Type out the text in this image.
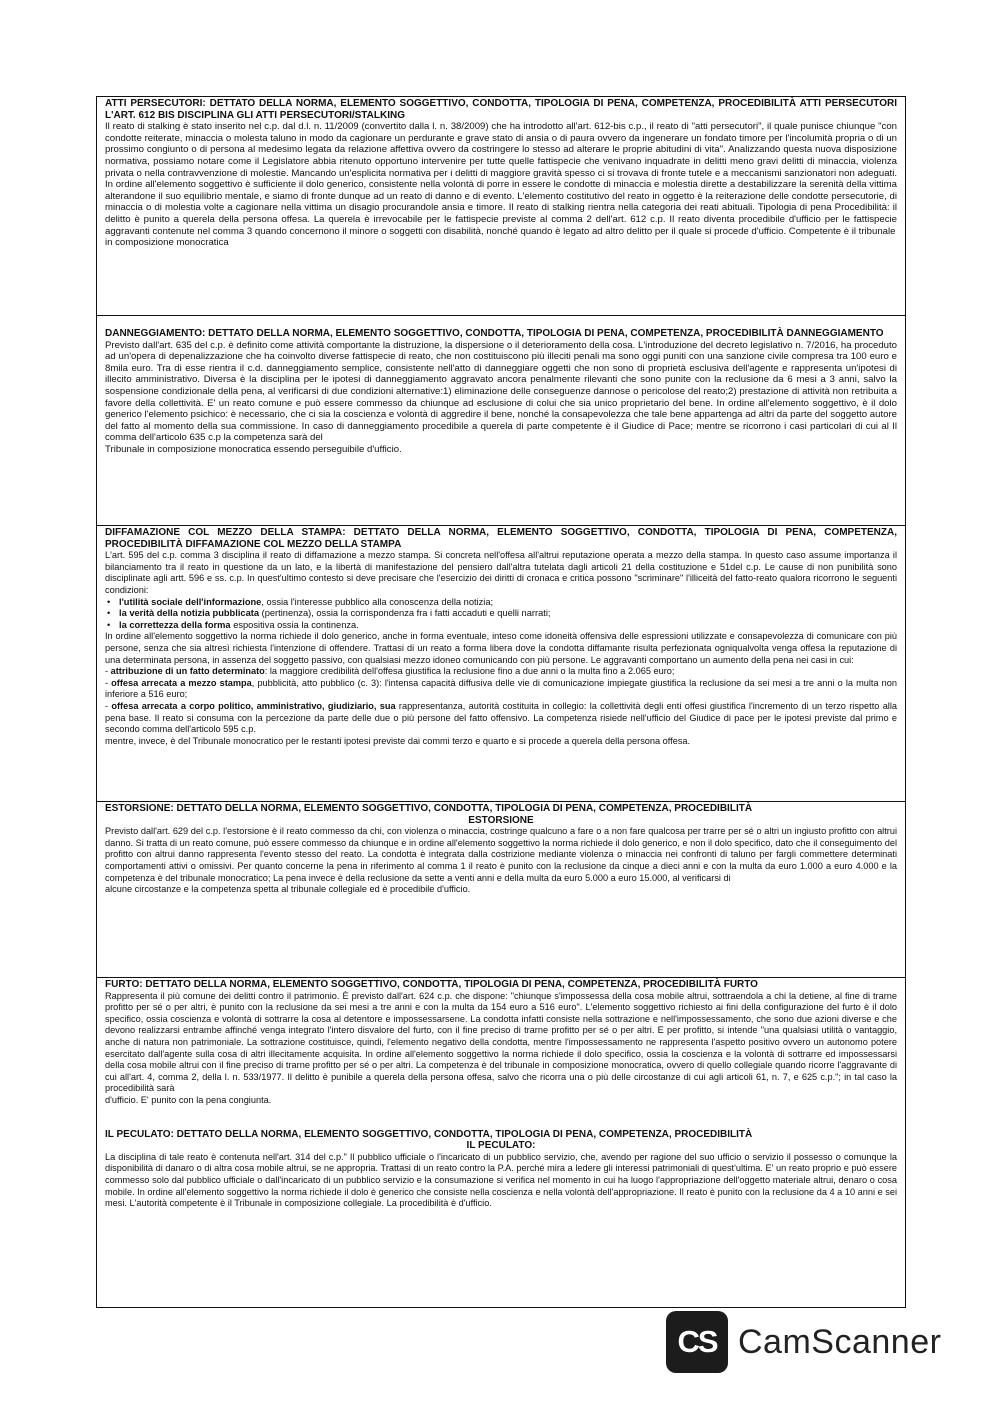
ATTI PERSECUTORI: DETTATO DELLA NORMA, ELEMENTO SOGGETTIVO, CONDOTTA, TIPOLOGIA DI PENA, COMPETENZA, PROCEDIBILITÀ ATTI PERSECUTORI L'ART. 612 BIS DISCIPLINA GLI ATTI PERSECUTORI/STALKING

Il reato di stalking è stato inserito nel c.p. dal d.l. n. 11/2009 (convertito dalla l. n. 38/2009) che ha introdotto all'art. 612-bis c.p., il reato di "atti persecutori", il quale punisce chiunque "con condotte reiterate, minaccia o molesta taluno in modo da cagionare un perdurante e grave stato di ansia o di paura ovvero da ingenerare un fondato timore per l'incolumità propria o di un prossimo congiunto o di persona al medesimo legata da relazione affettiva ovvero da costringere lo stesso ad alterare le proprie abitudini di vita". Analizzando questa nuova disposizione normativa, possiamo notare come il Legislatore abbia ritenuto opportuno intervenire per tutte quelle fattispecie che venivano inquadrate in delitti meno gravi delitti di minaccia, violenza privata o nella contravvenzione di molestie. Mancando un'esplicita normativa per i delitti di maggiore gravità spesso ci si trovava di fronte tutele e a meccanismi sanzionatori non adeguati. In ordine all'elemento soggettivo è sufficiente il dolo generico, consistente nella volontà di porre in essere le condotte di minaccia e molestia dirette a destabilizzare la serenità della vittima alterandone il suo equilibrio mentale, e siamo di fronte dunque ad un reato di danno e di evento. L'elemento costitutivo del reato in oggetto è la reiterazione delle condotte persecutorie, di minaccia o di molestia volte a cagionare nella vittima un disagio procurandole ansia e timore. Il reato di stalking rientra nella categoria dei reati abituali. Tipologia di pena Procedibilità: il delitto è punito a querela della persona offesa. La querela è irrevocabile per le fattispecie previste al comma 2 dell'art. 612 c.p. Il reato diventa procedibile d'ufficio per le fattispecie aggravanti contenute nel comma 3 quando concernono il minore o soggetti con disabilità, nonché quando è legato ad altro delitto per il quale si procede d'ufficio. Competente è il tribunale

in composizione monocratica

DANNEGGIAMENTO: DETTATO DELLA NORMA, ELEMENTO SOGGETTIVO, CONDOTTA, TIPOLOGIA DI PENA, COMPETENZA, PROCEDIBILITÀ DANNEGGIAMENTO

Previsto dall'art. 635 del c.p. è definito come attività comportante la distruzione, la dispersione o il deterioramento della cosa. L'introduzione del decreto legislativo n. 7/2016, ha proceduto ad un'opera di depenalizzazione che ha coinvolto diverse fattispecie di reato, che non costituiscono più illeciti penali ma sono oggi puniti con una sanzione civile compresa tra 100 euro e 8mila euro. Tra di esse rientra il c.d. danneggiamento semplice, consistente nell'atto di danneggiare oggetti che non sono di proprietà esclusiva dell'agente e rappresenta un'ipotesi di illecito amministrativo. Diversa è la disciplina per le ipotesi di danneggiamento aggravato ancora penalmente rilevanti che sono punite con la reclusione da 6 mesi a 3 anni, salvo la sospensione condizionale della pena, al verificarsi di due condizioni alternative:1) eliminazione delle conseguenze dannose o pericolose del reato;2) prestazione di attività non retribuita a favore della collettività. E' un reato comune e può essere commesso da chiunque ad esclusione di colui che sia unico proprietario del bene. In ordine all'elemento soggettivo, è il dolo generico l'elemento psichico: è necessario, che ci sia la coscienza e volontà di aggredire il bene, nonché la consapevolezza che tale bene appartenga ad altri da parte del soggetto autore del fatto al momento della sua commissione. In caso di danneggiamento procedibile a querela di parte competente è il Giudice di Pace; mentre se ricorrono i casi particolari di cui al Il comma dell'articolo 635 c.p la competenza sarà del

Tribunale in composizione monocratica essendo perseguibile d'ufficio.

DIFFAMAZIONE COL MEZZO DELLA STAMPA: DETTATO DELLA NORMA, ELEMENTO SOGGETTIVO, CONDOTTA, TIPOLOGIA DI PENA, COMPETENZA, PROCEDIBILITÀ DIFFAMAZIONE COL MEZZO DELLA STAMPA

L'art. 595 del c.p. comma 3 disciplina il reato di diffamazione a mezzo stampa. Si concreta nell'offesa all'altrui reputazione operata a mezzo della stampa. In questo caso assume importanza il bilanciamento tra il reato in questione da un lato, e la libertà di manifestazione del pensiero dall'altra tutelata dagli articoli 21 della costituzione e 51del c.p. Le cause di non punibilità sono disciplinate agli artt. 596 e ss. c.p. In quest'ultimo contesto si deve precisare che l'esercizio dei diritti di cronaca e critica possono "scriminare" l'illiceità del fatto-reato qualora ricorrono le seguenti condizioni:

• l'utilità sociale dell'informazione, ossia l'interesse pubblico alla conoscenza della notizia;
• la verità della notizia pubblicata (pertinenza), ossia la corrispondenza fra i fatti accaduti e quelli narrati;
• la correttezza della forma espositiva ossia la continenza.

In ordine all'elemento soggettivo la norma richiede il dolo generico, anche in forma eventuale, inteso come idoneità offensiva delle espressioni utilizzate e consapevolezza di comunicare con più persone, senza che sia altresì richiesta l'intenzione di offendere. Trattasi di un reato a forma libera dove la condotta diffamante risulta perfezionata ogniqualvolta venga offesa la reputazione di una determinata persona, in assenza del soggetto passivo, con qualsiasi mezzo idoneo comunicando con più persone. Le aggravanti comportano un aumento della pena nei casi in cui:

- attribuzione di un fatto determinato: la maggiore credibilità dell'offesa giustifica la reclusione fino a due anni o la multa fino a 2.065 euro;

- offesa arrecata a mezzo stampa, pubblicità, atto pubblico (c. 3): l'intensa capacità diffusiva delle vie di comunicazione impiegate giustifica la reclusione da sei mesi a tre anni o la multa non inferiore a 516 euro;

- offesa arrecata a corpo politico, amministrativo, giudiziario, sua rappresentanza, autorità costituita in collegio: la collettività degli enti offesi giustifica l'incremento di un terzo rispetto alla pena base. Il reato si consuma con la percezione da parte delle due o più persone del fatto offensivo. La competenza risiede nell'ufficio del Giudice di pace per le ipotesi previste dal primo e secondo comma dell'articolo 595 c.p.

mentre, invece, è del Tribunale monocratico per le restanti ipotesi previste dai commi terzo e quarto e si procede a querela della persona offesa.

ESTORSIONE: DETTATO DELLA NORMA, ELEMENTO SOGGETTIVO, CONDOTTA, TIPOLOGIA DI PENA, COMPETENZA, PROCEDIBILITÀ
ESTORSIONE

Previsto dall'art. 629 del c.p. l'estorsione è il reato commesso da chi, con violenza o minaccia, costringe qualcuno a fare o a non fare qualcosa per trarre per sé o altri un ingiusto profitto con altrui danno. Si tratta di un reato comune, può essere commesso da chiunque e in ordine all'elemento soggettivo la norma richiede il dolo generico, e non il dolo specifico, dato che il conseguimento del profitto con altrui danno rappresenta l'evento stesso del reato. La condotta è integrata dalla costrizione mediante violenza o minaccia nei confronti di taluno per fargli commettere determinati comportamenti attivi o omissivi. Per quanto concerne la pena in riferimento al comma 1 il reato è punito con la reclusione da cinque a dieci anni e con la multa da euro 1.000 a euro 4.000 e la competenza è del tribunale monocratico; La pena invece è della reclusione da sette a venti anni e della multa da euro 5.000 a euro 15.000, al verificarsi di

alcune circostanze e la competenza spetta al tribunale collegiale ed è procedibile d'ufficio.

FURTO: DETTATO DELLA NORMA, ELEMENTO SOGGETTIVO, CONDOTTA, TIPOLOGIA DI PENA, COMPETENZA, PROCEDIBILITÀ FURTO

Rappresenta il più comune dei delitti contro il patrimonio. È previsto dall'art. 624 c.p. che dispone: "chiunque s'impossessa della cosa mobile altrui, sottraendola a chi la detiene, al fine di trarne profitto per sé o per altri, è punito con la reclusione da sei mesi a tre anni e con la multa da 154 euro a 516 euro". L'elemento soggettivo richiesto ai fini della configurazione del furto è il dolo specifico, ossia coscienza e volontà di sottrarre la cosa al detentore e impossessarsene. La condotta infatti consiste nella sottrazione e nell'impossessamento, che sono due azioni diverse e che devono realizzarsi entrambe affinché venga integrato l'intero disvalore del furto, con il fine preciso di trarne profitto per sé o per altri. E per profitto, si intende "una qualsiasi utilità o vantaggio, anche di natura non patrimoniale. La sottrazione costituisce, quindi, l'elemento negativo della condotta, mentre l'impossessamento ne rappresenta l'aspetto positivo ovvero un autonomo potere esercitato dall'agente sulla cosa di altri illecitamente acquisita. In ordine all'elemento soggettivo la norma richiede il dolo specifico, ossia la coscienza e la volontà di sottrarre ed impossessarsi della cosa mobile altrui con il fine preciso di trarne profitto per sé o per altri. La competenza è del tribunale in composizione monocratica, ovvero di quello collegiale quando ricorre l'aggravante di cui all'art. 4, comma 2, della l. n. 533/1977. Il delitto è punibile a querela della persona offesa, salvo che ricorra una o più delle circostanze di cui agli articoli 61, n. 7, e 625 c.p."; in tal caso la procedibilità sarà

d'ufficio. E' punito con la pena congiunta.

IL PECULATO: DETTATO DELLA NORMA, ELEMENTO SOGGETTIVO, CONDOTTA, TIPOLOGIA DI PENA, COMPETENZA, PROCEDIBILITÀ
IL PECULATO:

La disciplina di tale reato è contenuta nell'art. 314 del c.p." Il pubblico ufficiale o l'incaricato di un pubblico servizio, che, avendo per ragione del suo ufficio o servizio il possesso o comunque la disponibilità di danaro o di altra cosa mobile altrui, se ne appropria. Trattasi di un reato contro la P.A. perché mira a ledere gli interessi patrimoniali di quest'ultima. E' un reato proprio e può essere commesso solo dal pubblico ufficiale o dall'incaricato di un pubblico servizio e la consumazione si verifica nel momento in cui ha luogo l'appropriazione dell'oggetto materiale altrui, denaro o cosa mobile. In ordine all'elemento soggettivo la norma richiede il dolo è generico che consiste nella coscienza e nella volontà dell'appropriazione. Il reato è punito con la reclusione da 4 a 10 anni e sei mesi. L'autorità competente è il Tribunale in composizione collegiale. La procedibilità è d'ufficio.

CS CamScanner
